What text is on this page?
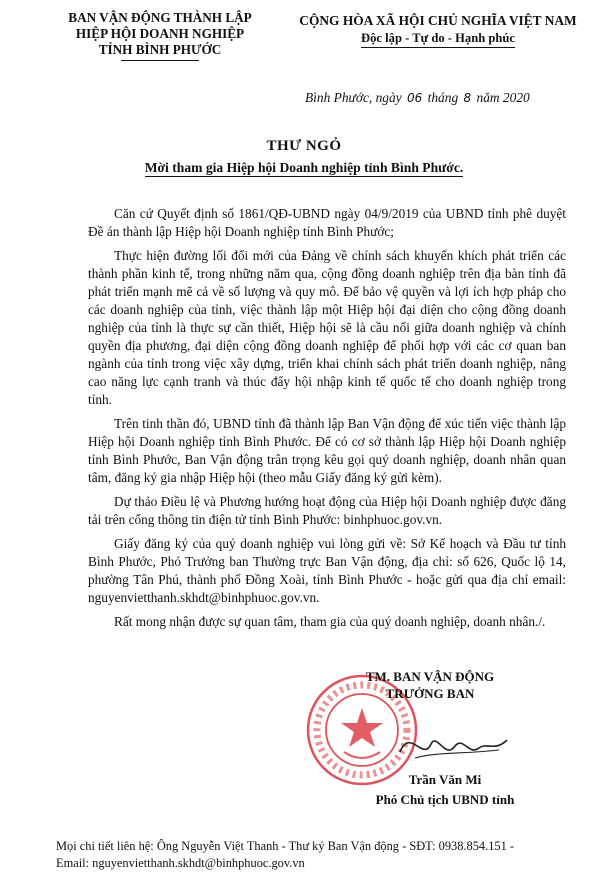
BAN VẬN ĐỘNG THÀNH LẬP
HIỆP HỘI DOANH NGHIỆP
TỈNH BÌNH PHƯỚC
CỘNG HÒA XÃ HỘI CHỦ NGHĨA VIỆT NAM
Độc lập - Tự do - Hạnh phúc
Bình Phước, ngày 06 tháng 8 năm 2020
THƯ NGỎ
Mời tham gia Hiệp hội Doanh nghiệp tỉnh Bình Phước.

Căn cứ Quyết định số 1861/QĐ-UBND ngày 04/9/2019 của UBND tỉnh phê duyệt Đề án thành lập Hiệp hội Doanh nghiệp tỉnh Bình Phước;

Thực hiện đường lối đổi mới của Đảng về chính sách khuyến khích phát triển các thành phần kinh tế, trong những năm qua, cộng đồng doanh nghiệp trên địa bàn tỉnh đã phát triển mạnh mẽ cả về số lượng và quy mô. Để bảo vệ quyền và lợi ích hợp pháp cho các doanh nghiệp của tỉnh, việc thành lập một Hiệp hội đại diện cho cộng đồng doanh nghiệp của tỉnh là thực sự cần thiết, Hiệp hội sẽ là cầu nối giữa doanh nghiệp và chính quyền địa phương, đại diện cộng đồng doanh nghiệp để phối hợp với các cơ quan ban ngành của tỉnh trong việc xây dựng, triển khai chính sách phát triển doanh nghiệp, nâng cao năng lực cạnh tranh và thúc đẩy hội nhập kinh tế quốc tế cho doanh nghiệp trong tỉnh.

Trên tinh thần đó, UBND tỉnh đã thành lập Ban Vận động để xúc tiến việc thành lập Hiệp hội Doanh nghiệp tỉnh Bình Phước. Để có cơ sở thành lập Hiệp hội Doanh nghiệp tỉnh Bình Phước, Ban Vận động trân trọng kêu gọi quý doanh nghiệp, doanh nhân quan tâm, đăng ký gia nhập Hiệp hội (theo mẫu Giấy đăng ký gửi kèm).

Dự thảo Điều lệ và Phương hướng hoạt động của Hiệp hội Doanh nghiệp được đăng tải trên cổng thông tin điện tử tỉnh Bình Phước: binhphuoc.gov.vn.

Giấy đăng ký của quý doanh nghiệp vui lòng gửi về: Sở Kế hoạch và Đầu tư tỉnh Bình Phước, Phó Trưởng ban Thường trực Ban Vận động, địa chỉ: số 626, Quốc lộ 14, phường Tân Phú, thành phố Đồng Xoài, tỉnh Bình Phước - hoặc gửi qua địa chỉ email: nguyenvietthanh.skhdt@binhphuoc.gov.vn.

Rất mong nhận được sự quan tâm, tham gia của quý doanh nghiệp, doanh nhân./.

TM. BAN VẬN ĐỘNG
TRƯỞNG BAN
Trần Văn Mi
Phó Chủ tịch UBND tỉnh
Mọi chi tiết liên hệ: Ông Nguyễn Việt Thanh - Thư ký Ban Vận động - SĐT: 0938.854.151 -
Email: nguyenvietthanh.skhdt@binhphuoc.gov.vn
